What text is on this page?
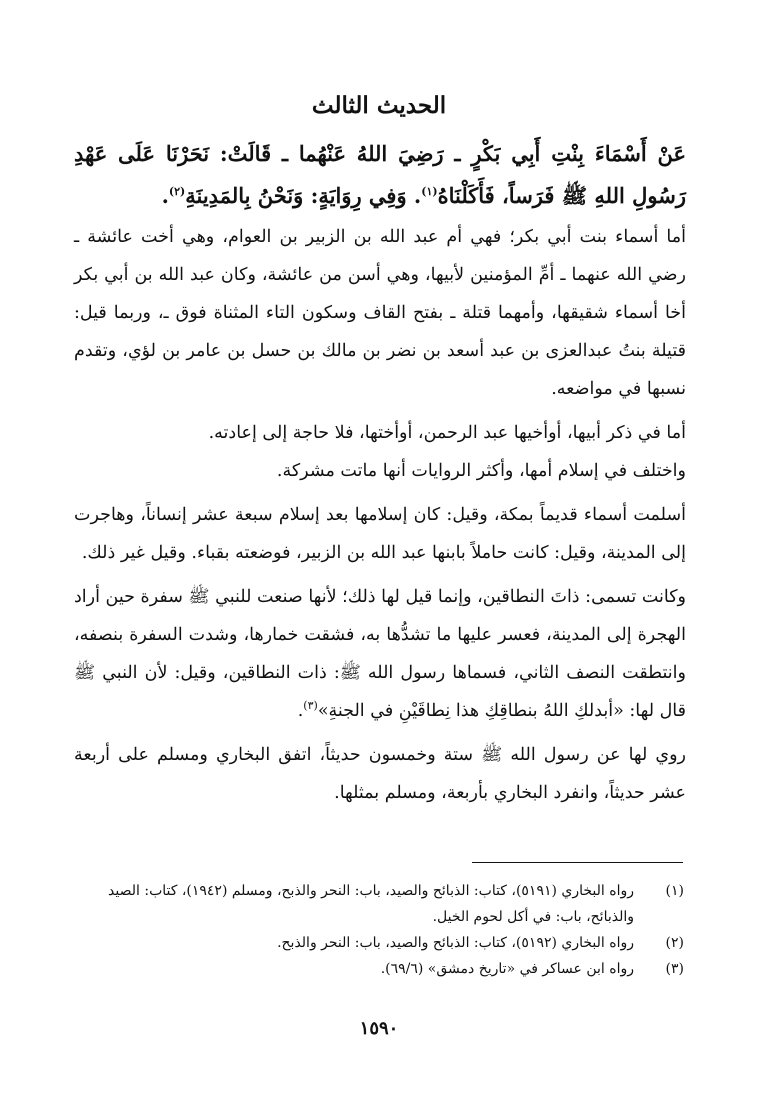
الحديث الثالث

عَنْ أَسْمَاءَ بِنْتِ أَبِي بَكْرٍ ـ رَضِيَ اللهُ عَنْهُما ـ قَالَتْ: نَحَرْنَا عَلَى عَهْدِ رَسُولِ اللهِ ﷺ فَرَساً، فَأَكَلْنَاهُ$^{(١)}$. وَفِي رِوَايَةٍ: وَنَحْنُ بِالمَدِينَةِ$^{(٢)}$.

أما أسماء بنت أبي بكر؛ فهي أم عبد الله بن الزبير بن العوام، وهي أخت عائشة ـ رضي الله عنهما ـ أمِّ المؤمنين لأبيها، وهي أسن من عائشة، وكان عبد الله بن أبي بكر أخا أسماء شقيقها، وأمهما قتلة ـ بفتح القاف وسكون التاء المثناة فوق ـ، وربما قيل: قتيلة بنتُ عبدالعزى بن عبد أسعد بن نضر بن مالك بن حسل بن عامر بن لؤي، وتقدم نسبها في مواضعه.

أما في ذكر أبيها، أوأخيها عبد الرحمن، أوأختها، فلا حاجة إلى إعادته.

واختلف في إسلام أمها، وأكثر الروايات أنها ماتت مشركة.

أسلمت أسماء قديماً بمكة، وقيل: كان إسلامها بعد إسلام سبعة عشر إنساناً، وهاجرت إلى المدينة، وقيل: كانت حاملاً بابنها عبد الله بن الزبير، فوضعته بقباء. وقيل غير ذلك.

وكانت تسمى: ذاتَ النطاقين، وإنما قيل لها ذلك؛ لأنها صنعت للنبي ﷺ سفرة حين أراد الهجرة إلى المدينة، فعسر عليها ما تشدُّها به، فشقت خمارها، وشدت السفرة بنصفه، وانتطقت النصف الثاني، فسماها رسول الله ﷺ: ذات النطاقين، وقيل: لأن النبي ﷺ قال لها: «أبدلكِ اللهُ بنطاقِكِ هذا نِطاقَيْنِ في الجنةِ»$^{(٣)}$.

روي لها عن رسول الله ﷺ ستة وخمسون حديثاً، اتفق البخاري ومسلم على أربعة عشر حديثاً، وانفرد البخاري بأربعة، ومسلم بمثلها.

(١)
رواه البخاري (٥١٩١)، كتاب: الذبائح والصيد، باب: النحر والذبح، ومسلم (١٩٤٢)، كتاب: الصيد والذبائح، باب: في أكل لحوم الخيل.
(٢)
رواه البخاري (٥١٩٢)، كتاب: الذبائح والصيد، باب: النحر والذبح.
(٣)
رواه ابن عساكر في «تاريخ دمشق» (٦٩/٦).
١٥٩٠
